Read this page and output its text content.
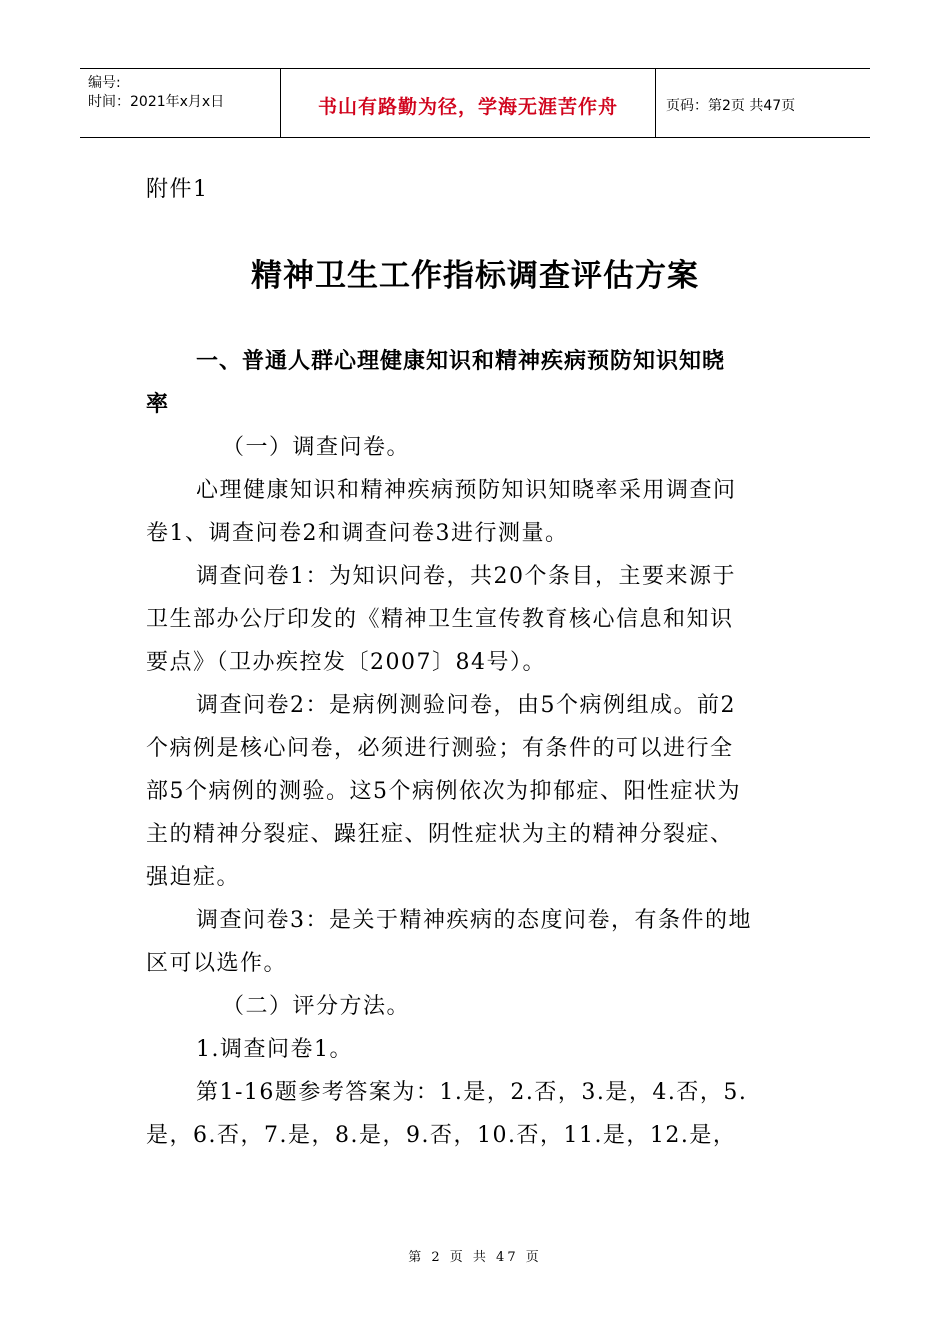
编号:
时间：2021年x月x日	书山有路勤为径，学海无涯苦作舟	页码：第2页 共47页
附件1
精神卫生工作指标调查评估方案
一、普通人群心理健康知识和精神疾病预防知识知晓
率
（一）调查问卷。
心理健康知识和精神疾病预防知识知晓率采用调查问
卷1、调查问卷2和调查问卷3进行测量。
调查问卷1：为知识问卷，共20个条目，主要来源于
卫生部办公厅印发的《精神卫生宣传教育核心信息和知识
要点》（卫办疾控发〔2007〕84号）。
调查问卷2：是病例测验问卷，由5个病例组成。前2
个病例是核心问卷，必须进行测验；有条件的可以进行全
部5个病例的测验。这5个病例依次为抑郁症、阳性症状为
主的精神分裂症、躁狂症、阴性症状为主的精神分裂症、
强迫症。
调查问卷3：是关于精神疾病的态度问卷，有条件的地
区可以选作。
（二）评分方法。
1.调查问卷1。
第1-16题参考答案为：1.是，2.否，3.是，4.否，5.
是，6.否，7.是，8.是，9.否，10.否，11.是，12.是，
第 2 页 共 47 页
